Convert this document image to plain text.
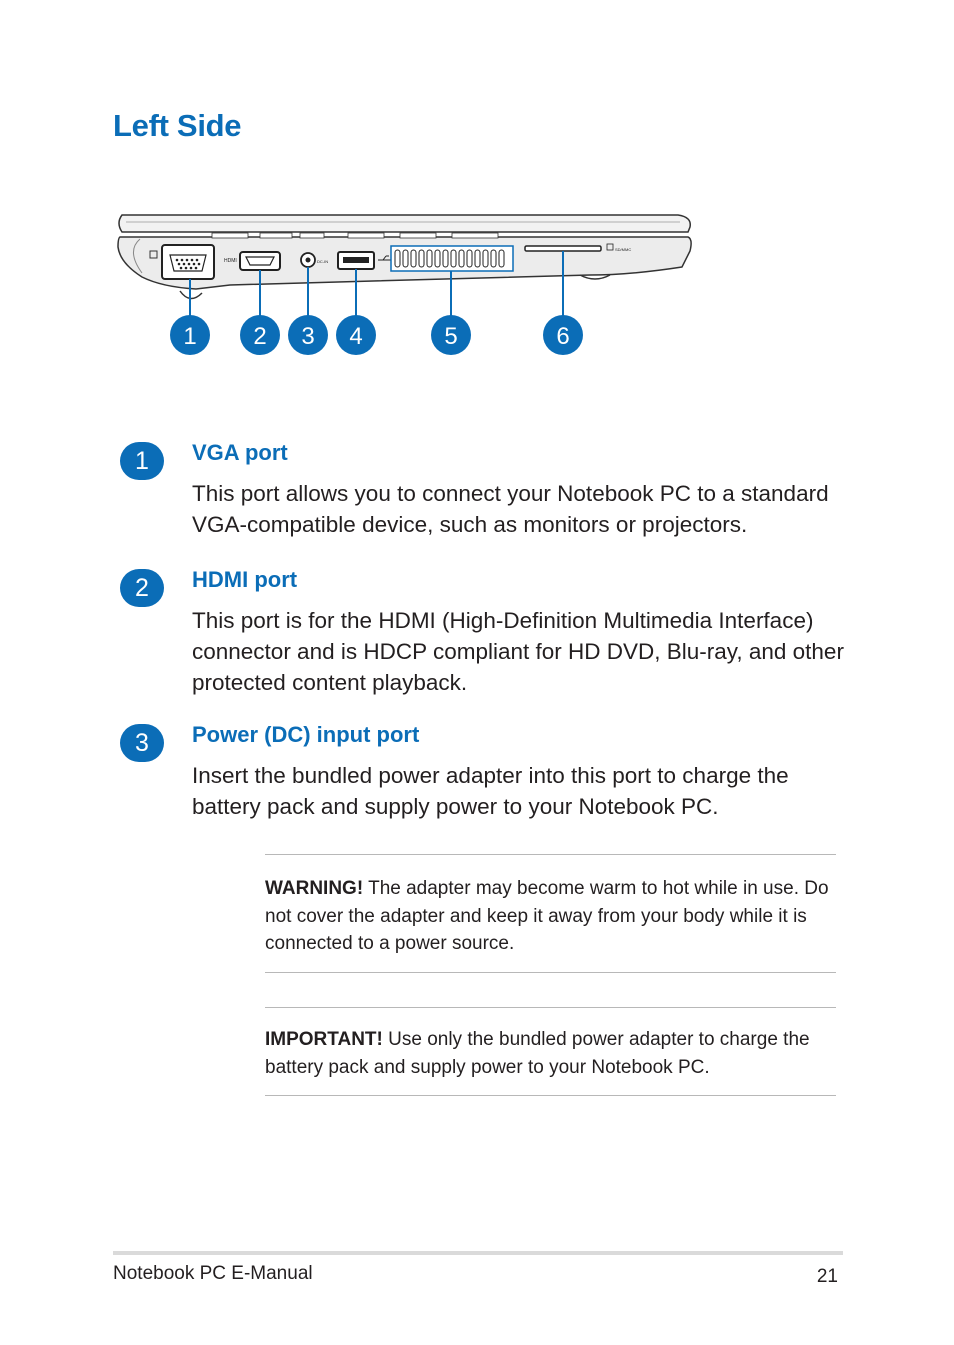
Left Side
HDMI	DC-IN
SD/MMC
1 2 3 4	5	6
1	VGA port
This port allows you to connect your Notebook PC to a standard VGA-compatible device, such as monitors or projectors.
2	HDMI port
This port is for the HDMI (High-Definition Multimedia Interface) connector and is HDCP compliant for HD DVD, Blu-ray, and other protected content playback.
3	Power (DC) input port
Insert the bundled power adapter into this port to charge the battery pack and supply power to your Notebook PC.

WARNING! The adapter may become warm to hot while in use. Do not cover the adapter and keep it away from your body while it is connected to a power source.

IMPORTANT! Use only the bundled power adapter to charge the battery pack and supply power to your Notebook PC.

Notebook PC E-Manual	21
